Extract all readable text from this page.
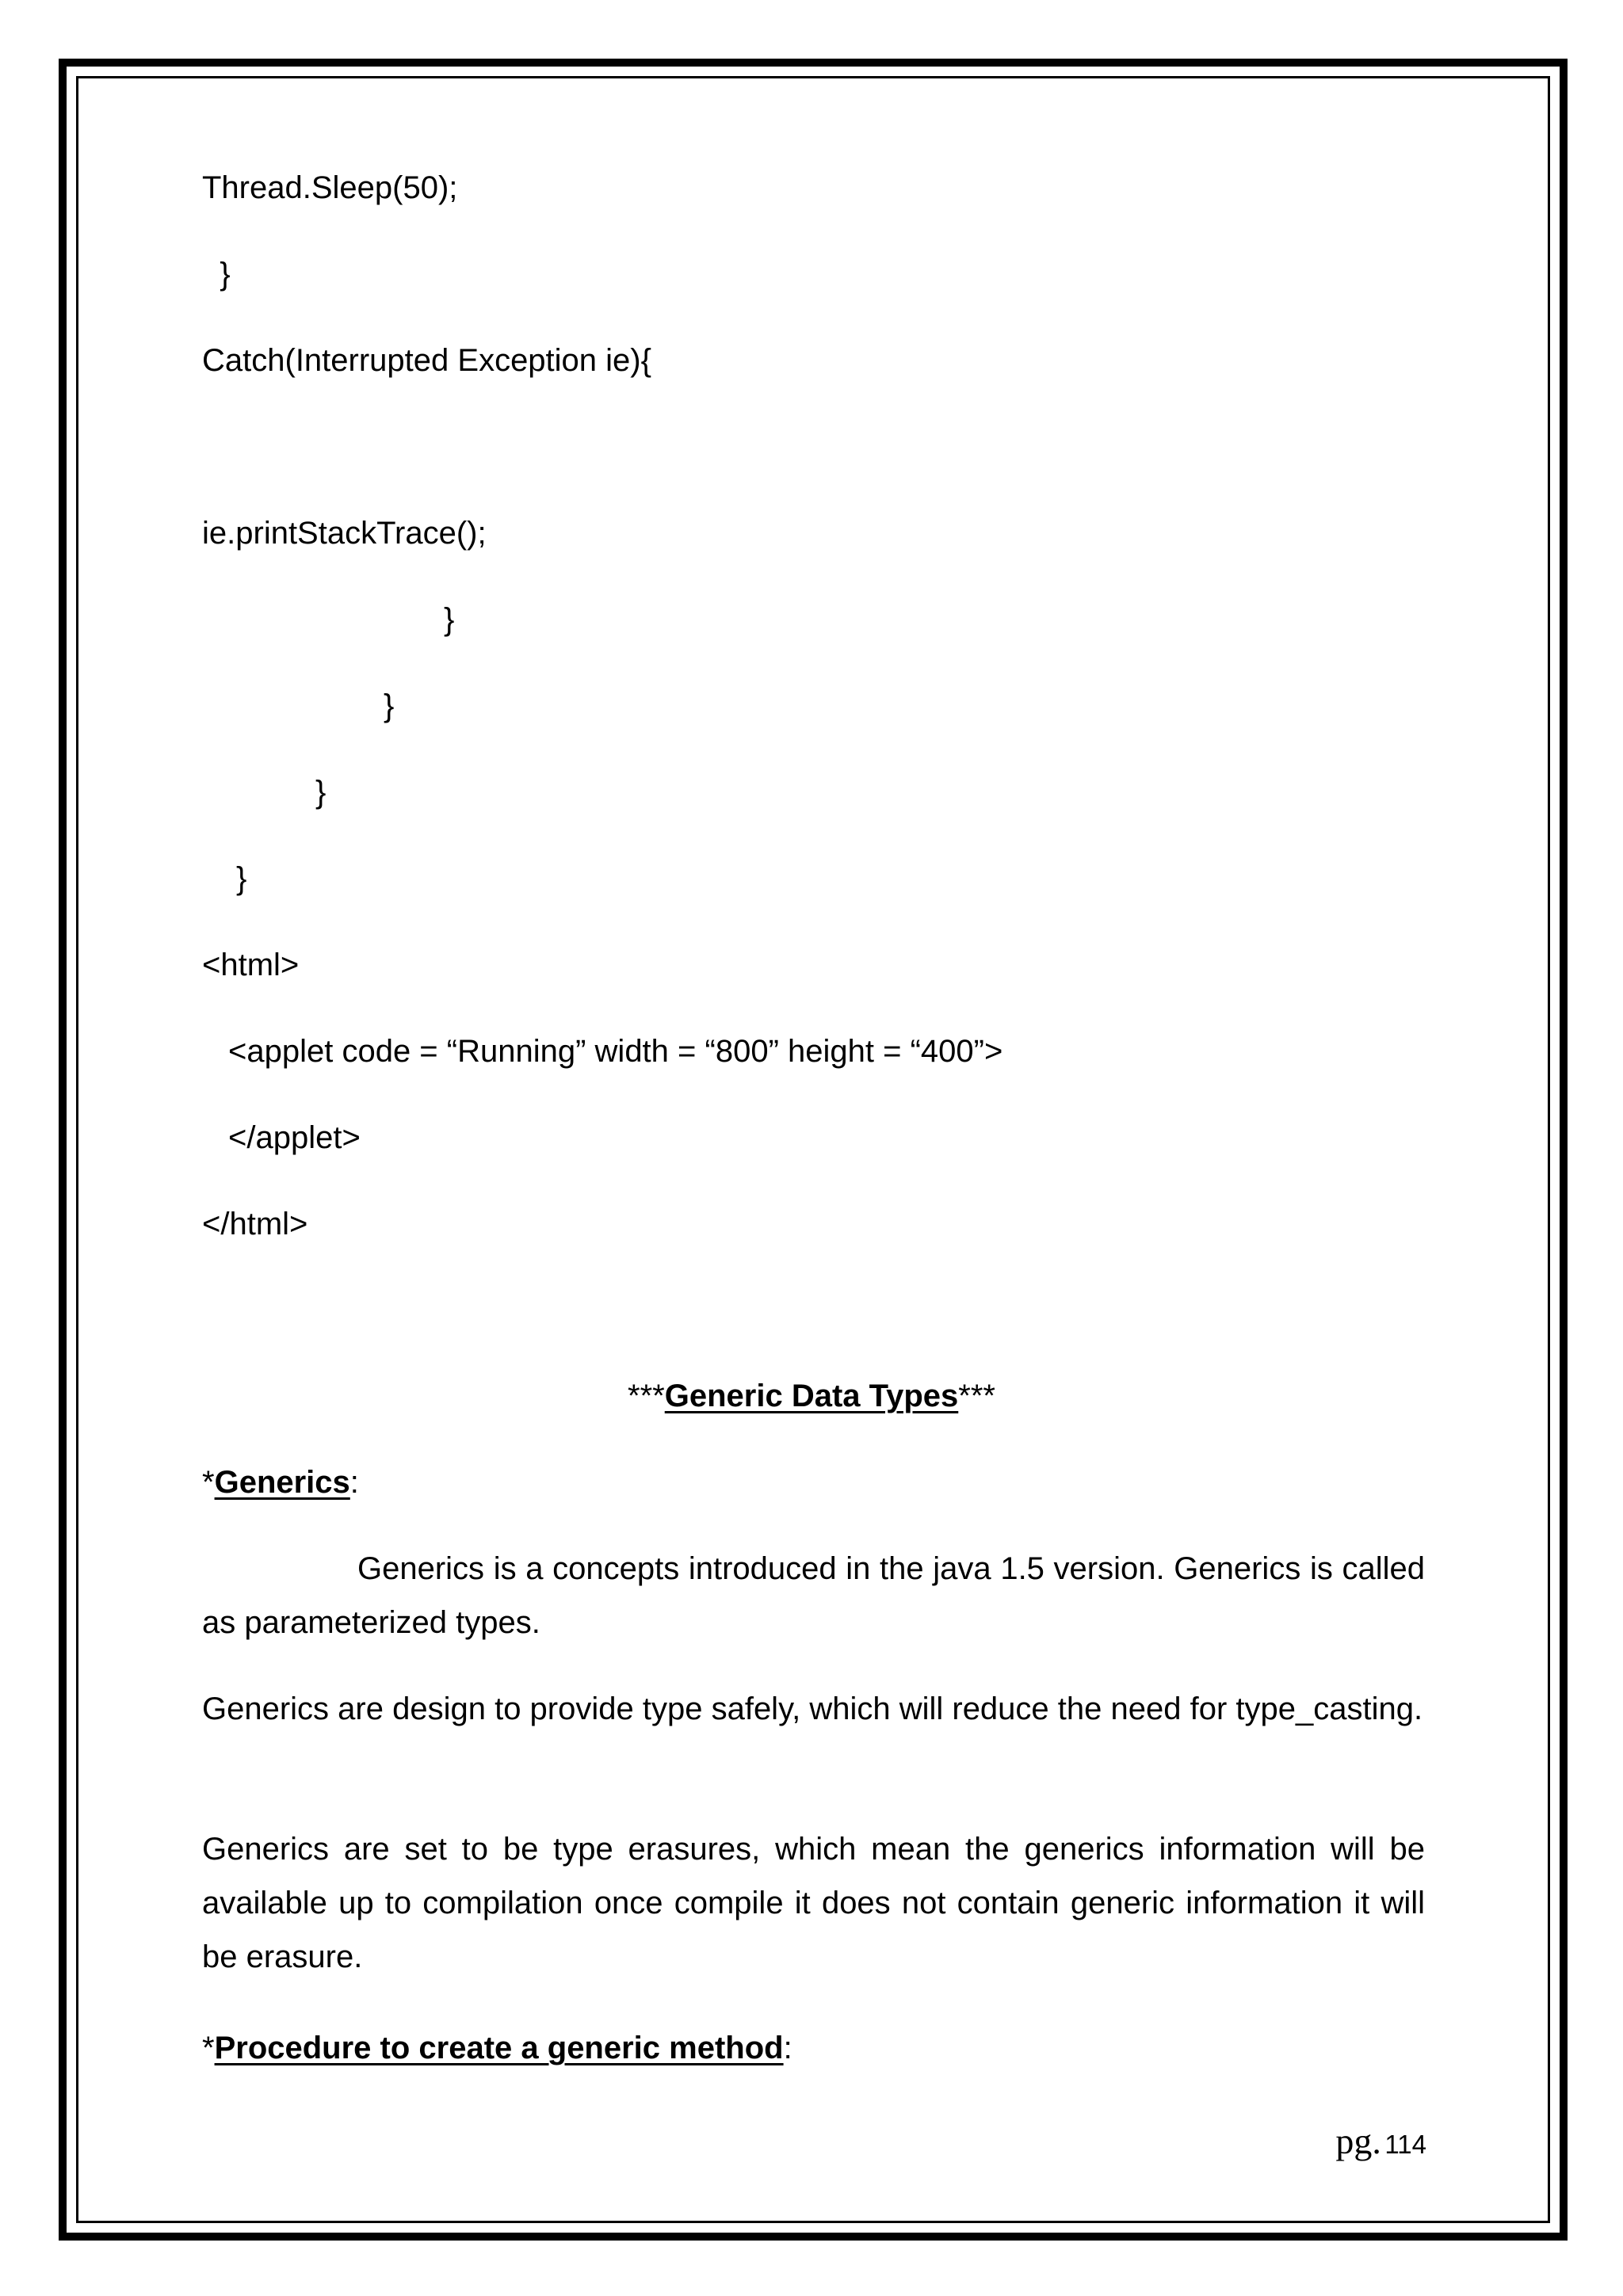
Thread.Sleep(50);
}
Catch(Interrupted Exception ie){
ie.printStackTrace();
}
}
}
}
<html>
<applet code = “Running” width = “800” height = “400”>
</applet>
</html>
***Generic Data Types***
*Generics:
Generics is a concepts introduced in the java 1.5 version. Generics is called as parameterized types.
Generics are design to provide type safely, which will reduce the need for type_casting.
Generics are set to be type erasures, which mean the generics information will be available up to compilation once compile it does not contain generic information it will be erasure.
*Procedure to create a generic method:
pg. 114
